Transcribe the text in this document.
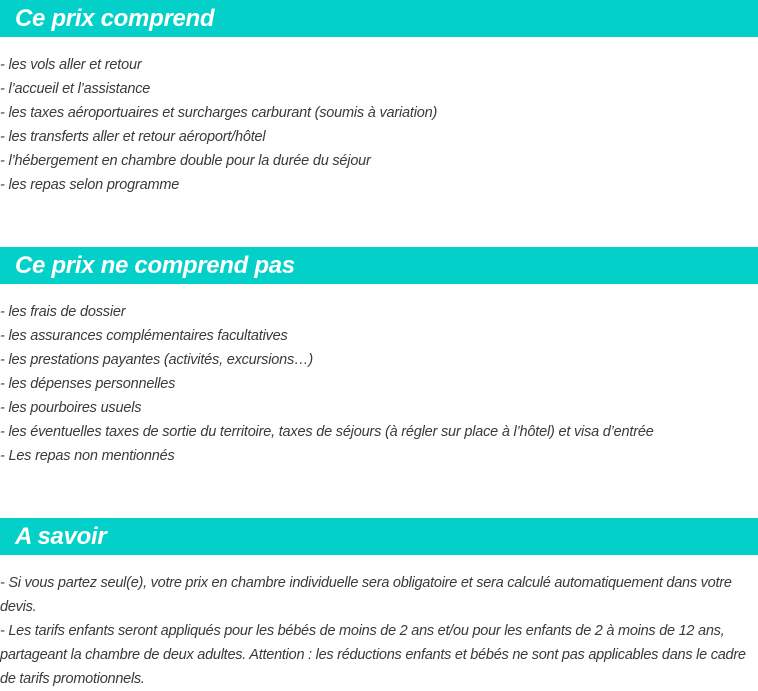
Ce prix comprend
- les vols aller et retour
- l’accueil et l’assistance
- les taxes aéroportuaires et surcharges carburant (soumis à variation)
- les transferts aller et retour aéroport/hôtel
- l’hébergement en chambre double pour la durée du séjour
- les repas selon programme
Ce prix ne comprend pas
- les frais de dossier
- les assurances complémentaires facultatives
- les prestations payantes (activités, excursions…)
- les dépenses personnelles
- les pourboires usuels
- les éventuelles taxes de sortie du territoire, taxes de séjours (à régler sur place à l’hôtel) et visa d’entrée
- Les repas non mentionnés
A savoir

- Si vous partez seul(e), votre prix en chambre individuelle sera obligatoire et sera calculé automatiquement dans votre devis.

- Les tarifs enfants seront appliqués pour les bébés de moins de 2 ans et/ou pour les enfants de 2 à moins de 12 ans, partageant la chambre de deux adultes. Attention : les réductions enfants et bébés ne sont pas applicables dans le cadre de tarifs promotionnels.
